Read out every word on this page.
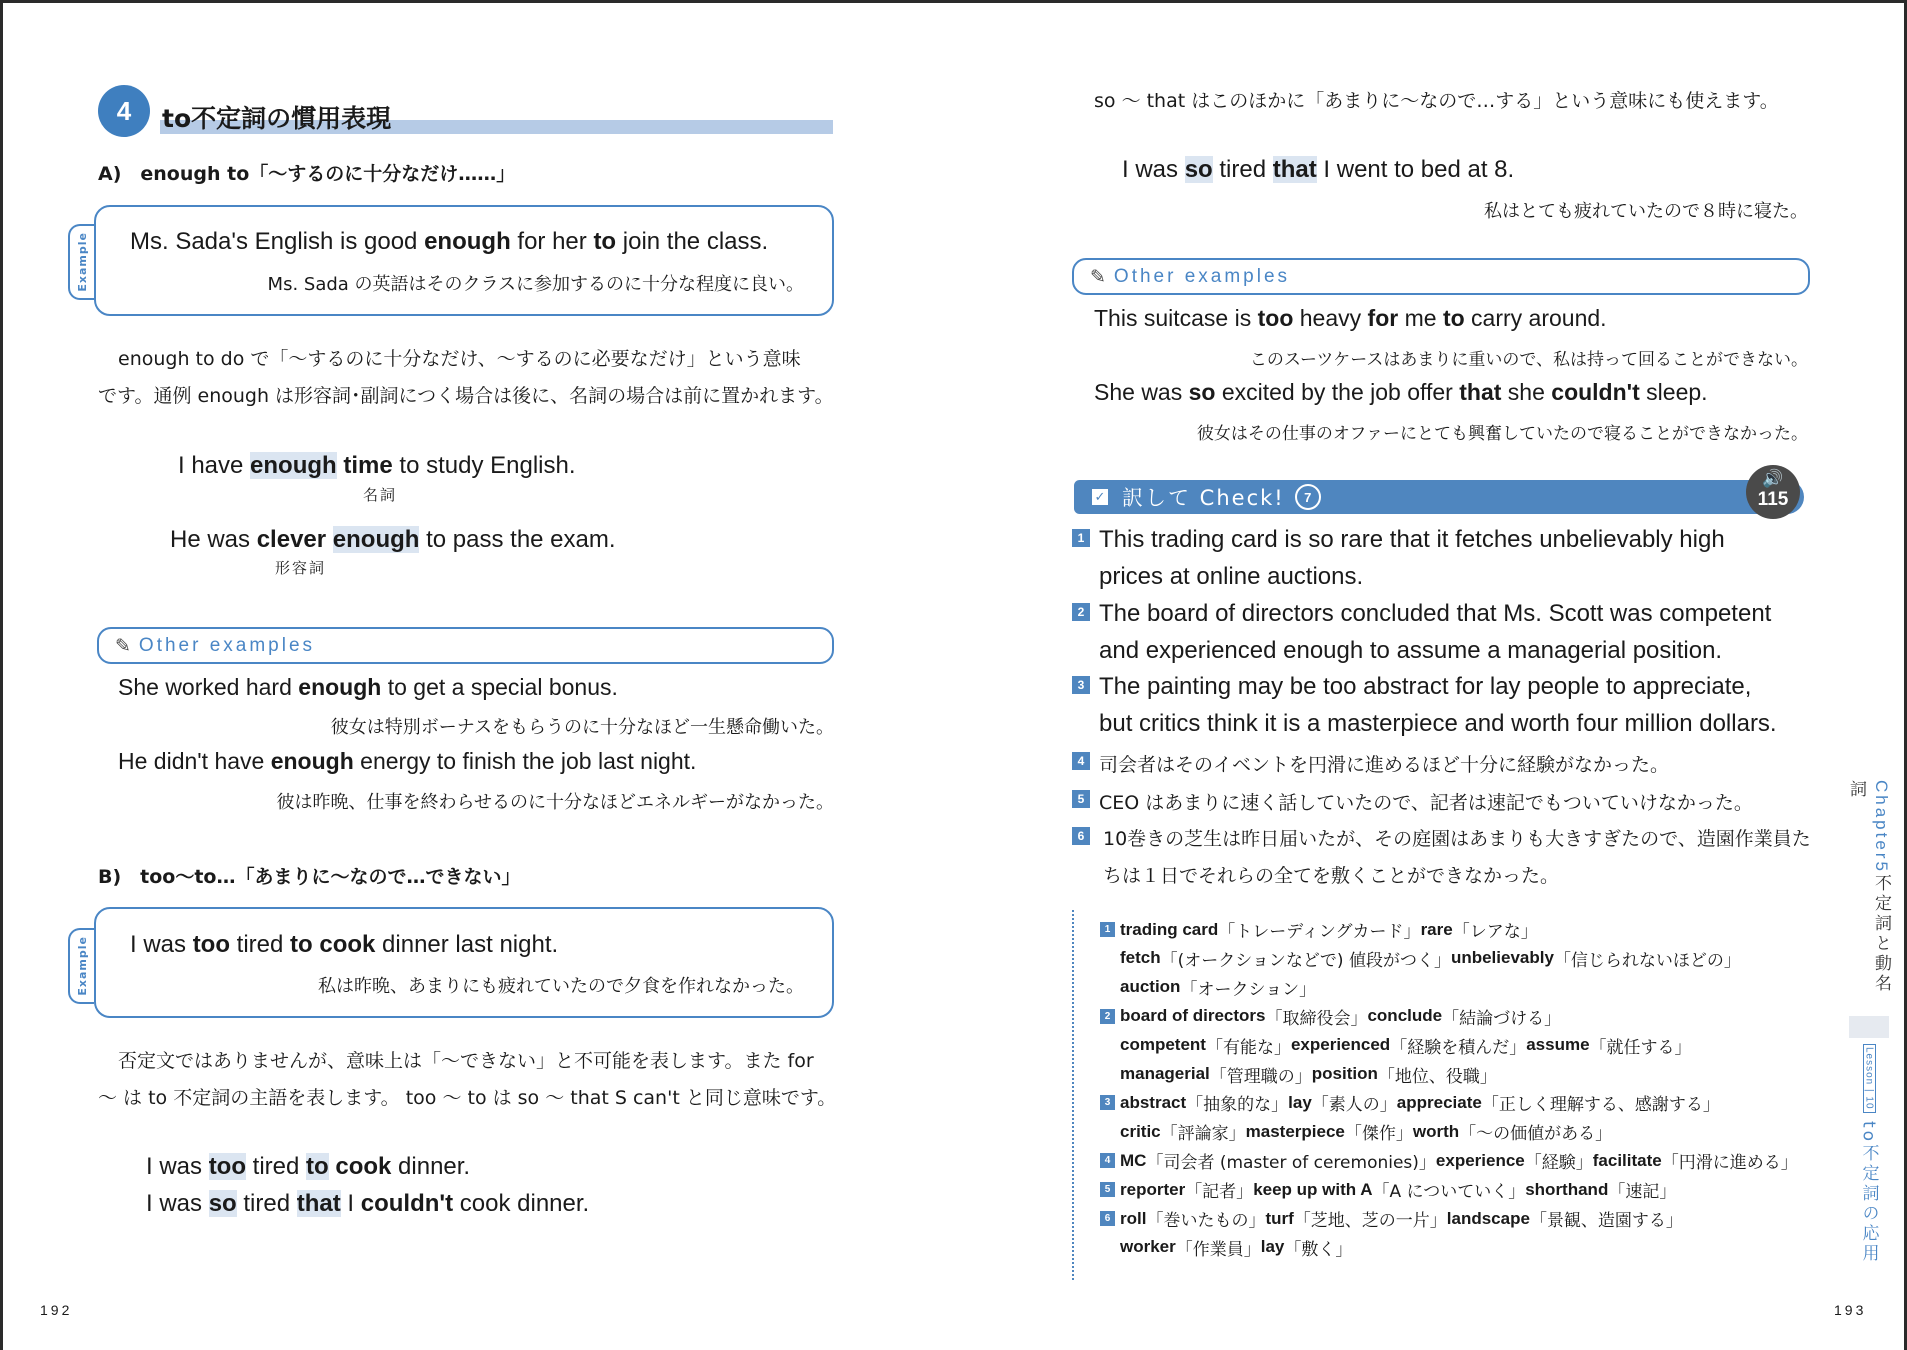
4	to不定詞の慣用表現
A)　enough to「〜するのに十分なだけ……」
Example Ms. Sada's English is good enough for her to join the class.
Ms. Sada の英語はそのクラスに参加するのに十分な程度に良い。
enough to do で「〜するのに十分なだけ、〜するのに必要なだけ」という意味
です。通例 enough は形容詞･副詞につく場合は後に、名詞の場合は前に置かれます。
I have enough time to study English.
名詞
He was clever enough to pass the exam.
形容詞
✎ Other examples
She worked hard enough to get a special bonus.
彼女は特別ボーナスをもらうのに十分なほど一生懸命働いた。
He didn't have enough energy to finish the job last night.
彼は昨晩、仕事を終わらせるのに十分なほどエネルギーがなかった。
B)　too〜to…「あまりに〜なので…できない」
Example I was too tired to cook dinner last night.
私は昨晩、あまりにも疲れていたので夕食を作れなかった。
否定文ではありませんが、意味上は「〜できない」と不可能を表します。また for
〜 は to 不定詞の主語を表します。 too 〜 to は so 〜 that S can't と同じ意味です。
I was too tired to cook dinner.
I was so tired that I couldn't cook dinner.
192
so 〜 that はこのほかに「あまりに〜なので…する」という意味にも使えます。
I was so tired that I went to bed at 8.
私はとても疲れていたので８時に寝た。
✎ Other examples
This suitcase is too heavy for me to carry around.
このスーツケースはあまりに重いので、私は持って回ることができない。
She was so excited by the job offer that she couldn't sleep.
彼女はその仕事のオファーにとても興奮していたので寝ることができなかった。
✓ 訳して Check!	7
🔊
115
1 This trading card is so rare that it fetches unbelievably high
prices at online auctions.
2 The board of directors concluded that Ms. Scott was competent
and experienced enough to assume a managerial position.
3 The painting may be too abstract for lay people to appreciate,
but critics think it is a masterpiece and worth four million dollars.
4 司会者はそのイベントを円滑に進めるほど十分に経験がなかった。
5 CEO はあまりに速く話していたので、記者は速記でもついていけなかった。
6 10巻きの芝生は昨日届いたが、その庭園はあまりも大きすぎたので、造園作業員た
ちは１日でそれらの全てを敷くことができなかった。
1 trading card 「トレーディングカード」 rare 「レアな」
fetch 「(オークションなどで) 値段がつく」 unbelievably 「信じられないほどの」
auction 「オークション」
2 board of directors 「取締役会」 conclude 「結論づける」
competent 「有能な」 experienced 「経験を積んだ」 assume 「就任する」
managerial 「管理職の」 position 「地位、役職」
3 abstract 「抽象的な」 lay 「素人の」 appreciate 「正しく理解する、感謝する」
critic 「評論家」 masterpiece 「傑作」 worth 「〜の価値がある」
4 MC 「司会者 (master of ceremonies)」 experience 「経験」 facilitate 「円滑に進める」
5 reporter 「記者」 keep up with A 「A についていく」 shorthand 「速記」
6 roll 「巻いたもの」 turf 「芝地、芝の一片」 landscape 「景観、造園する」
worker 「作業員」 lay 「敷く」
Chapter5不定詞と動名詞
Lesson | 10 to不定詞の応用
193
